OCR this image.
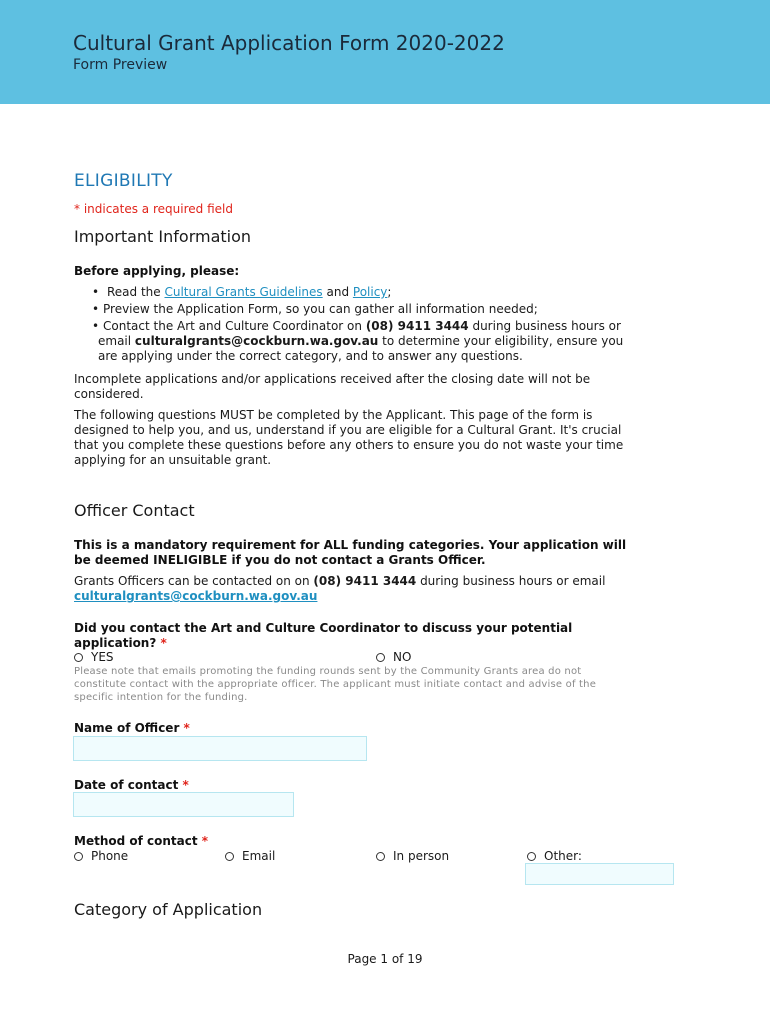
Cultural Grant Application Form 2020-2022
Form Preview
ELIGIBILITY
* indicates a required field
Important Information
Before applying, please:
• Read the Cultural Grants Guidelines and Policy;
• Preview the Application Form, so you can gather all information needed;
• Contact the Art and Culture Coordinator on (08) 9411 3444 during business hours or
email culturalgrants@cockburn.wa.gov.au to determine your eligibility, ensure you
are applying under the correct category, and to answer any questions.
Incomplete applications and/or applications received after the closing date will not be
considered.
The following questions MUST be completed by the Applicant. This page of the form is
designed to help you, and us, understand if you are eligible for a Cultural Grant. It's crucial
that you complete these questions before any others to ensure you do not waste your time
applying for an unsuitable grant.
Officer Contact
This is a mandatory requirement for ALL funding categories. Your application will
be deemed INELIGIBLE if you do not contact a Grants Officer.
Grants Officers can be contacted on on (08) 9411 3444 during business hours or email
culturalgrants@cockburn.wa.gov.au
Did you contact the Art and Culture Coordinator to discuss your potential
application? *
YES	NO
Please note that emails promoting the funding rounds sent by the Community Grants area do not
constitute contact with the appropriate officer. The applicant must initiate contact and advise of the
specific intention for the funding.
Name of Officer *
Date of contact *
Method of contact *
Phone	Email	In person	Other:
Category of Application
Page 1 of 19
